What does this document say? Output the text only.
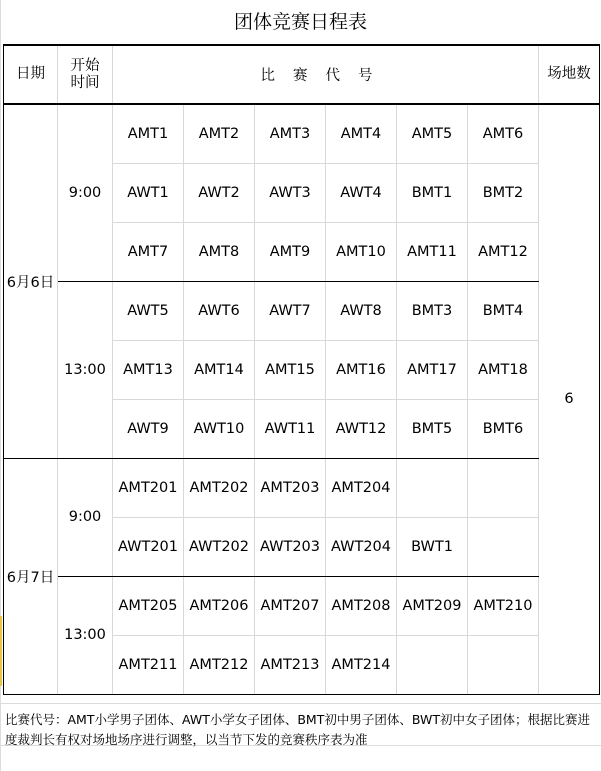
团体竞赛日程表
日期	开始
时间	比赛代号						场地数
6月6日	9:00	AMT1	AMT2	AMT3	AMT4	AMT5	AMT6	6
		AWT1	AWT2	AWT3	AWT4	BMT1	BMT2	
		AMT7	AMT8	AMT9	AMT10	AMT11	AMT12	
	13:00	AWT5	AWT6	AWT7	AWT8	BMT3	BMT4	
		AMT13	AMT14	AMT15	AMT16	AMT17	AMT18	
		AWT9	AWT10	AWT11	AWT12	BMT5	BMT6	
6月7日	9:00	AMT201	AMT202	AMT203	AMT204			
		AWT201	AWT202	AWT203	AWT204	BWT1		
	13:00	AMT205	AMT206	AMT207	AMT208	AMT209	AMT210	
		AMT211	AMT212	AMT213	AMT214			
比赛代号：AMT小学男子团体、AWT小学女子团体、BMT初中男子团体、BWT初中女子团体；根据比赛进度裁判长有权对场地场序进行调整，以当节下发的竞赛秩序表为准
